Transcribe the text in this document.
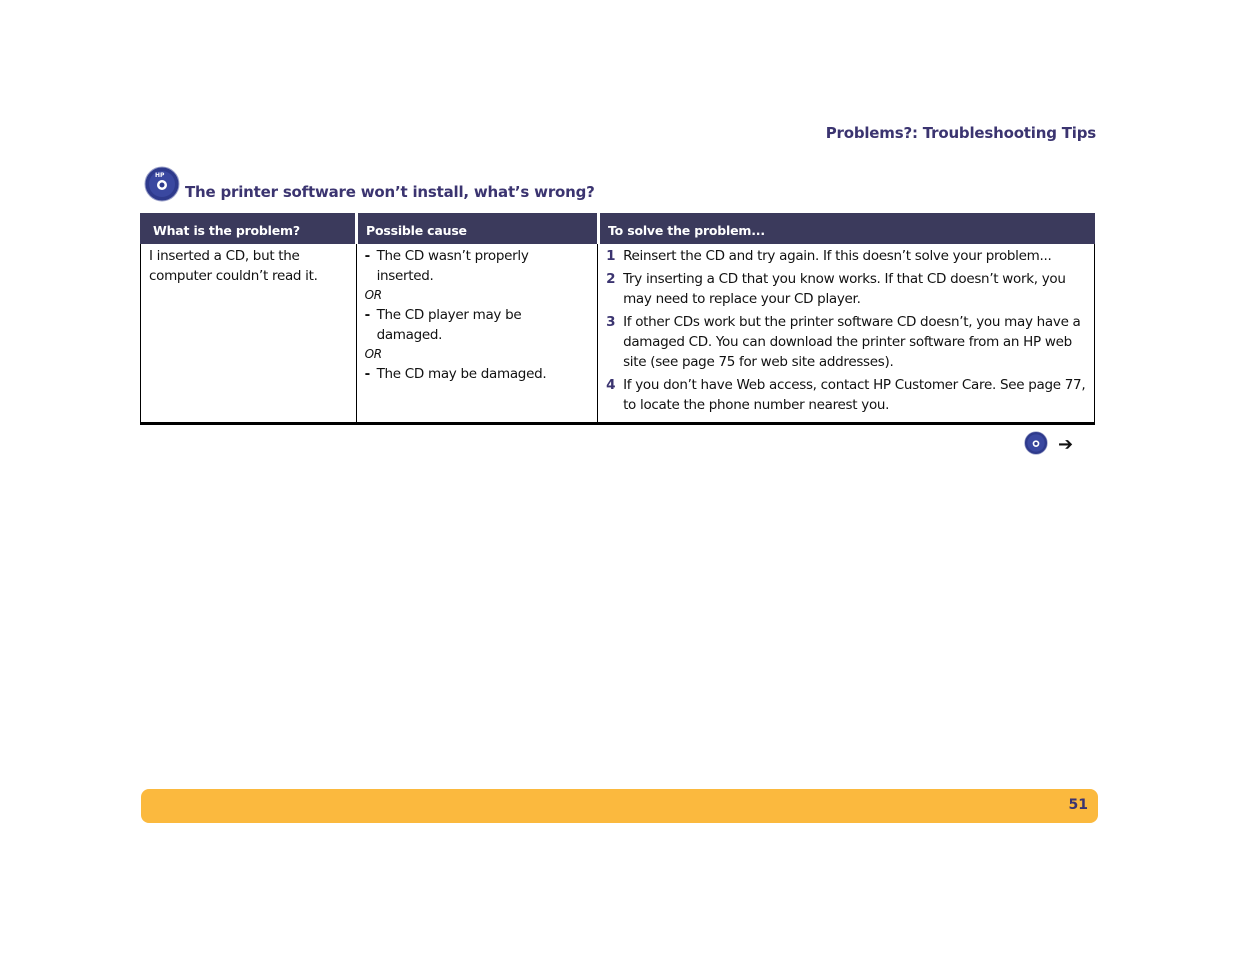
Problems?: Troubleshooting Tips
HP
The printer software won’t install, what’s wrong?
What is the problem?	Possible cause	To solve the problem...
I inserted a CD, but the
computer couldn’t read it.
- The CD wasn’t properly
inserted.
OR
- The CD player may be
damaged.
OR
- The CD may be damaged.
1 Reinsert the CD and try again. If this doesn’t solve your problem...
2 Try inserting a CD that you know works. If that CD doesn’t work, you may need to replace your CD player.
3 If other CDs work but the printer software CD doesn’t, you may have a damaged CD. You can download the printer software from an HP web site (see page 75 for web site addresses).
4 If you don’t have Web access, contact HP Customer Care. See page 77, to locate the phone number nearest you.
➔
51
